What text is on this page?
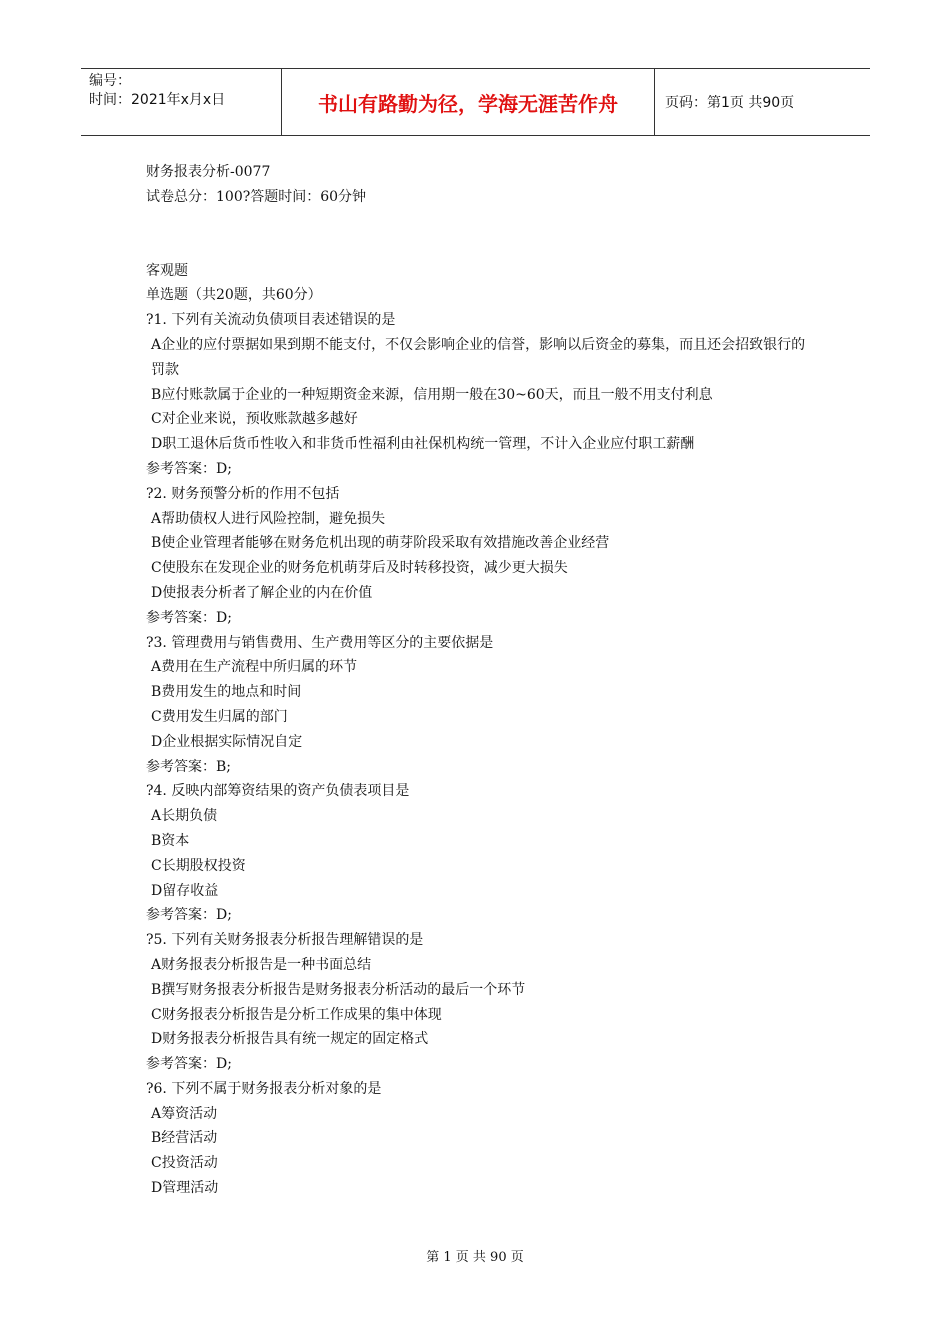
编号：
时间：2021年x月x日	书山有路勤为径，学海无涯苦作舟	页码：第1页 共90页
财务报表分析-0077
试卷总分：100?答题时间：60分钟
客观题
单选题（共20题，共60分）
?1. 下列有关流动负债项目表述错误的是
A企业的应付票据如果到期不能支付，不仅会影响企业的信誉，影响以后资金的募集，而且还会招致银行的罚款
B应付账款属于企业的一种短期资金来源，信用期一般在30~60天，而且一般不用支付利息
C对企业来说，预收账款越多越好
D职工退休后货币性收入和非货币性福利由社保机构统一管理，不计入企业应付职工薪酬
参考答案：D;
?2. 财务预警分析的作用不包括
A帮助债权人进行风险控制，避免损失
B使企业管理者能够在财务危机出现的萌芽阶段采取有效措施改善企业经营
C使股东在发现企业的财务危机萌芽后及时转移投资，减少更大损失
D使报表分析者了解企业的内在价值
参考答案：D;
?3. 管理费用与销售费用、生产费用等区分的主要依据是
A费用在生产流程中所归属的环节
B费用发生的地点和时间
C费用发生归属的部门
D企业根据实际情况自定
参考答案：B;
?4. 反映内部筹资结果的资产负债表项目是
A长期负债
B资本
C长期股权投资
D留存收益
参考答案：D;
?5. 下列有关财务报表分析报告理解错误的是
A财务报表分析报告是一种书面总结
B撰写财务报表分析报告是财务报表分析活动的最后一个环节
C财务报表分析报告是分析工作成果的集中体现
D财务报表分析报告具有统一规定的固定格式
参考答案：D;
?6. 下列不属于财务报表分析对象的是
A筹资活动
B经营活动
C投资活动
D管理活动
第 1 页 共 90 页
